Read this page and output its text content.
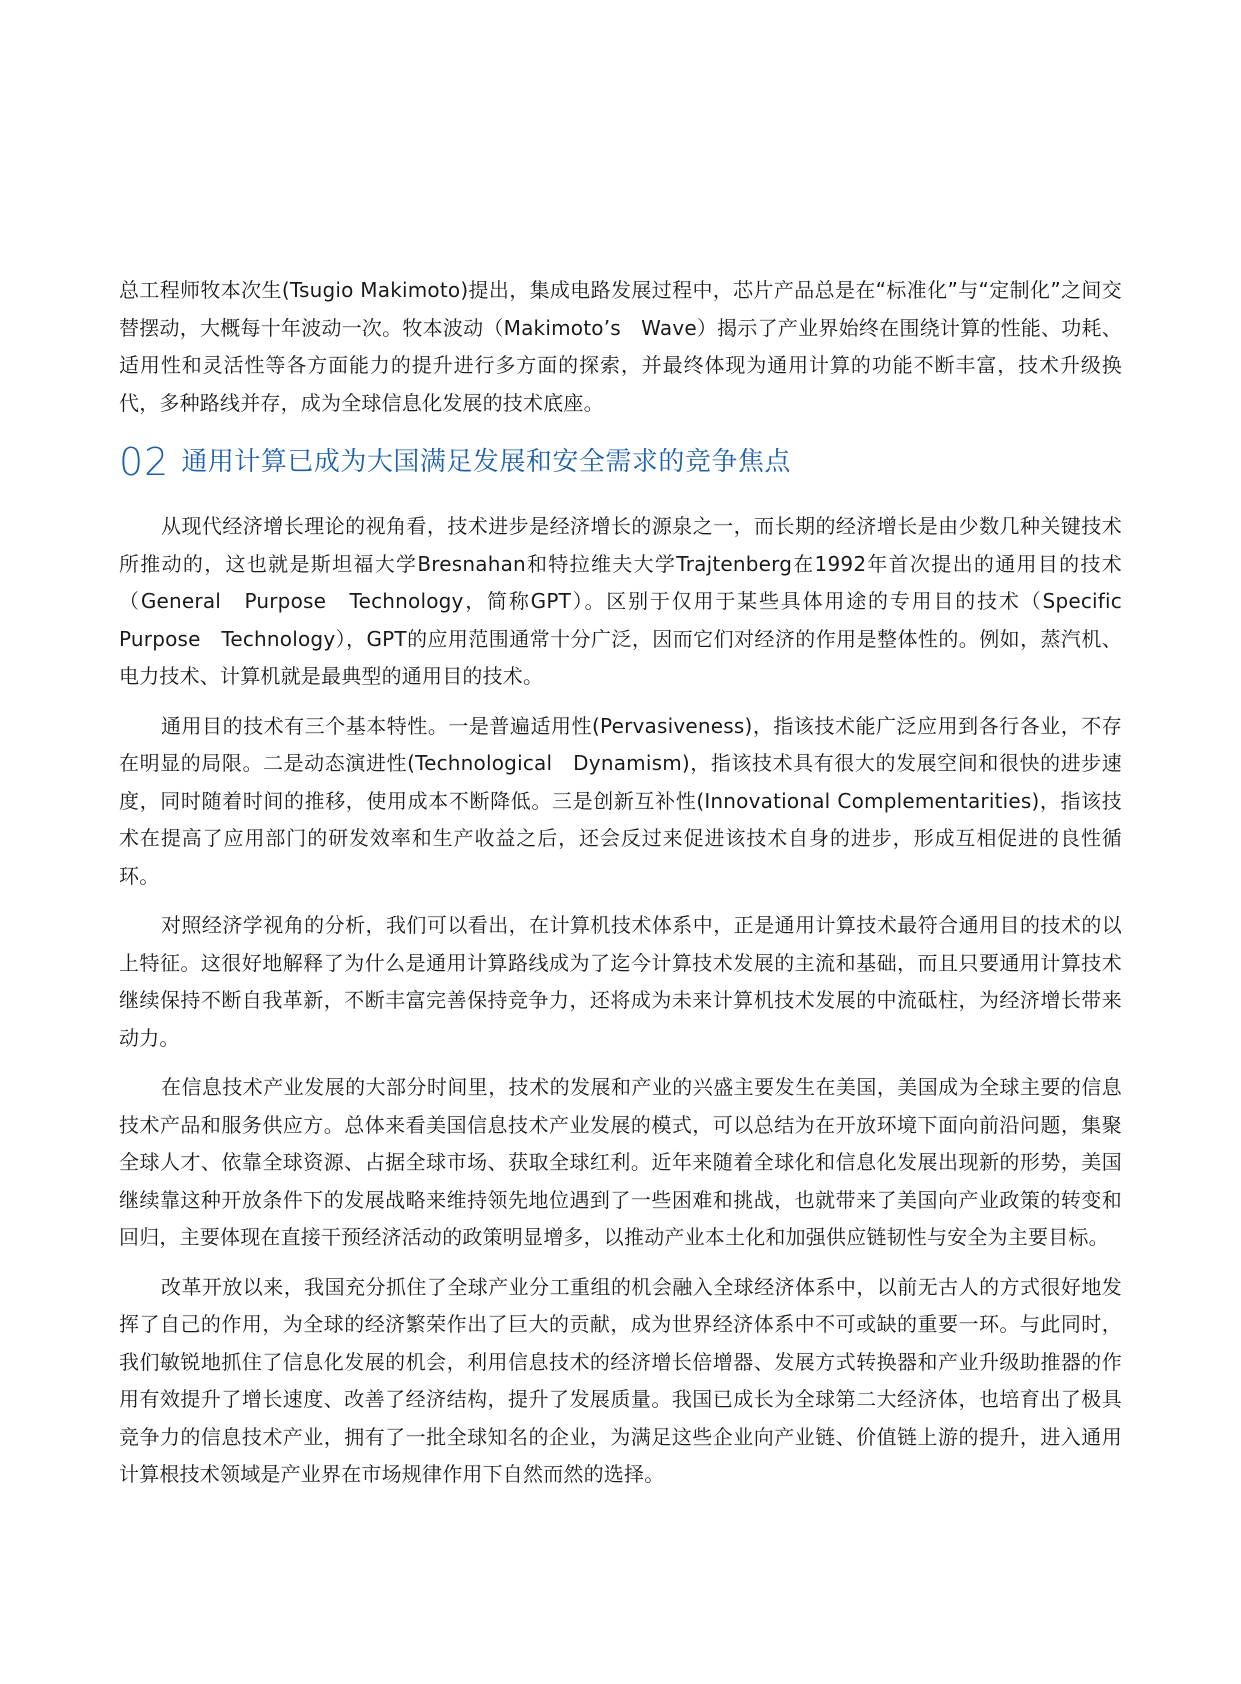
总工程师牧本次生(Tsugio Makimoto)提出，集成电路发展过程中，芯片产品总是在“标准化”与“定制化”之间交替摆动，大概每十年波动一次。牧本波动（Makimoto’s　Wave）揭示了产业界始终在围绕计算的性能、功耗、适用性和灵活性等各方面能力的提升进行多方面的探索，并最终体现为通用计算的功能不断丰富，技术升级换代，多种路线并存，成为全球信息化发展的技术底座。

02 通用计算已成为大国满足发展和安全需求的竞争焦点

从现代经济增长理论的视角看，技术进步是经济增长的源泉之一，而长期的经济增长是由少数几种关键技术所推动的，这也就是斯坦福大学Bresnahan和特拉维夫大学Trajtenberg在1992年首次提出的通用目的技术（General　Purpose　Technology，简称GPT）。区别于仅用于某些具体用途的专用目的技术（Specific　Purpose　Technology），GPT的应用范围通常十分广泛，因而它们对经济的作用是整体性的。例如，蒸汽机、电力技术、计算机就是最典型的通用目的技术。

通用目的技术有三个基本特性。一是普遍适用性(Pervasiveness)，指该技术能广泛应用到各行各业，不存在明显的局限。二是动态演进性(Technological　Dynamism)，指该技术具有很大的发展空间和很快的进步速度，同时随着时间的推移，使用成本不断降低。三是创新互补性(Innovational Complementarities)，指该技术在提高了应用部门的研发效率和生产收益之后，还会反过来促进该技术自身的进步，形成互相促进的良性循环。

对照经济学视角的分析，我们可以看出，在计算机技术体系中，正是通用计算技术最符合通用目的技术的以上特征。这很好地解释了为什么是通用计算路线成为了迄今计算技术发展的主流和基础，而且只要通用计算技术继续保持不断自我革新，不断丰富完善保持竞争力，还将成为未来计算机技术发展的中流砥柱，为经济增长带来动力。

在信息技术产业发展的大部分时间里，技术的发展和产业的兴盛主要发生在美国，美国成为全球主要的信息技术产品和服务供应方。总体来看美国信息技术产业发展的模式，可以总结为在开放环境下面向前沿问题，集聚全球人才、依靠全球资源、占据全球市场、获取全球红利。近年来随着全球化和信息化发展出现新的形势，美国继续靠这种开放条件下的发展战略来维持领先地位遇到了一些困难和挑战，也就带来了美国向产业政策的转变和回归，主要体现在直接干预经济活动的政策明显增多，以推动产业本土化和加强供应链韧性与安全为主要目标。

改革开放以来，我国充分抓住了全球产业分工重组的机会融入全球经济体系中，以前无古人的方式很好地发挥了自己的作用，为全球的经济繁荣作出了巨大的贡献，成为世界经济体系中不可或缺的重要一环。与此同时，我们敏锐地抓住了信息化发展的机会，利用信息技术的经济增长倍增器、发展方式转换器和产业升级助推器的作用有效提升了增长速度、改善了经济结构，提升了发展质量。我国已成长为全球第二大经济体，也培育出了极具竞争力的信息技术产业，拥有了一批全球知名的企业，为满足这些企业向产业链、价值链上游的提升，进入通用计算根技术领域是产业界在市场规律作用下自然而然的选择。
